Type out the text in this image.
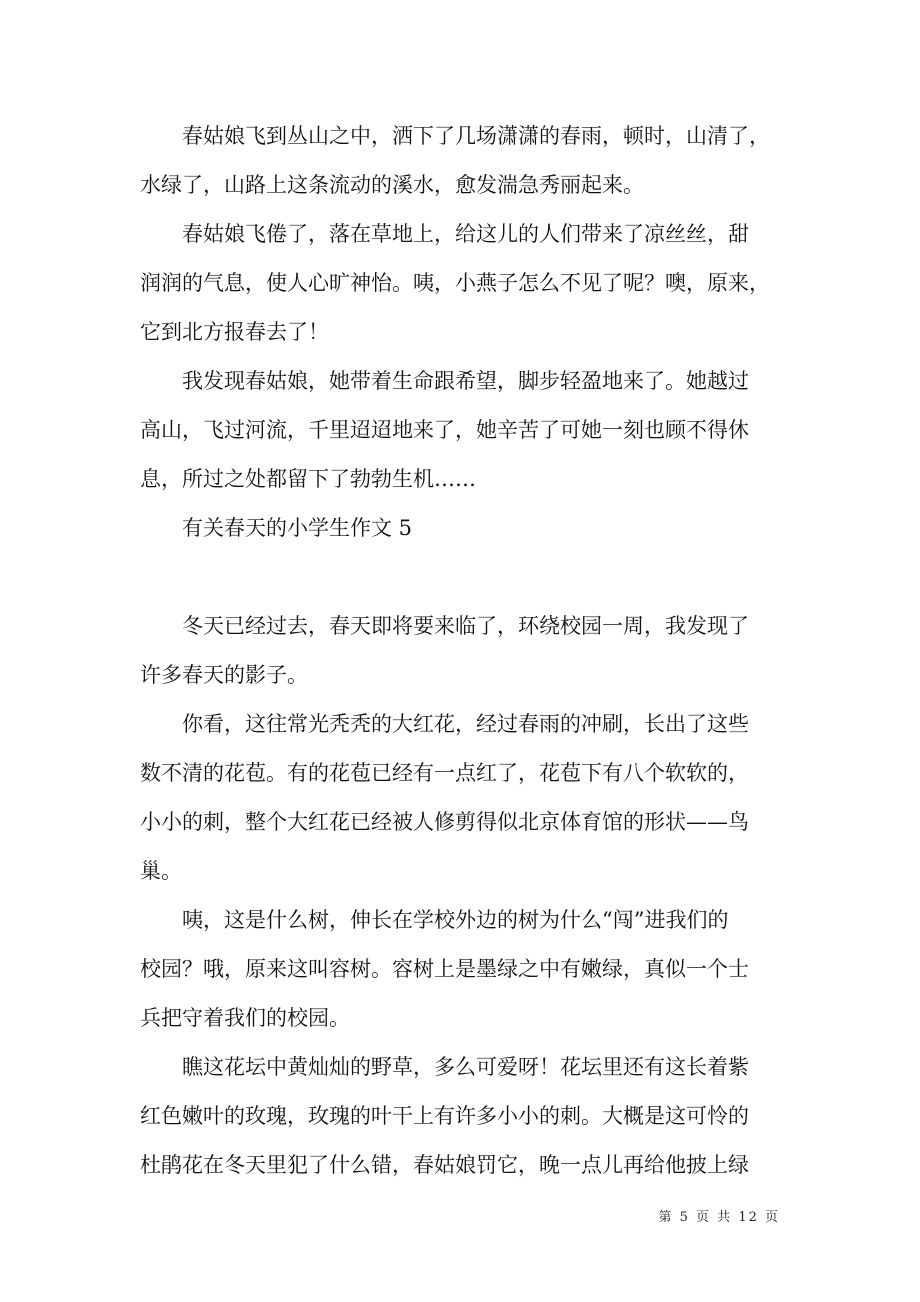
春姑娘飞到丛山之中，洒下了几场潇潇的春雨，顿时，山清了，
水绿了，山路上这条流动的溪水，愈发湍急秀丽起来。
春姑娘飞倦了，落在草地上，给这儿的人们带来了凉丝丝，甜
润润的气息，使人心旷神怡。咦，小燕子怎么不见了呢？噢，原来，
它到北方报春去了！
我发现春姑娘，她带着生命跟希望，脚步轻盈地来了。她越过
高山，飞过河流，千里迢迢地来了，她辛苦了可她一刻也顾不得休
息，所过之处都留下了勃勃生机……

有关春天的小学生作文 5

冬天已经过去，春天即将要来临了，环绕校园一周，我发现了
许多春天的影子。
你看，这往常光秃秃的大红花，经过春雨的冲刷，长出了这些
数不清的花苞。有的花苞已经有一点红了，花苞下有八个软软的，
小小的刺，整个大红花已经被人修剪得似北京体育馆的形状——鸟
巢。
咦，这是什么树，伸长在学校外边的树为什么“闯”进我们的
校园？哦，原来这叫容树。容树上是墨绿之中有嫩绿，真似一个士
兵把守着我们的校园。
瞧这花坛中黄灿灿的野草，多么可爱呀！花坛里还有这长着紫
红色嫩叶的玫瑰，玫瑰的叶干上有许多小小的刺。大概是这可怜的
杜鹃花在冬天里犯了什么错，春姑娘罚它，晚一点儿再给他披上绿
第 5 页 共 12 页
